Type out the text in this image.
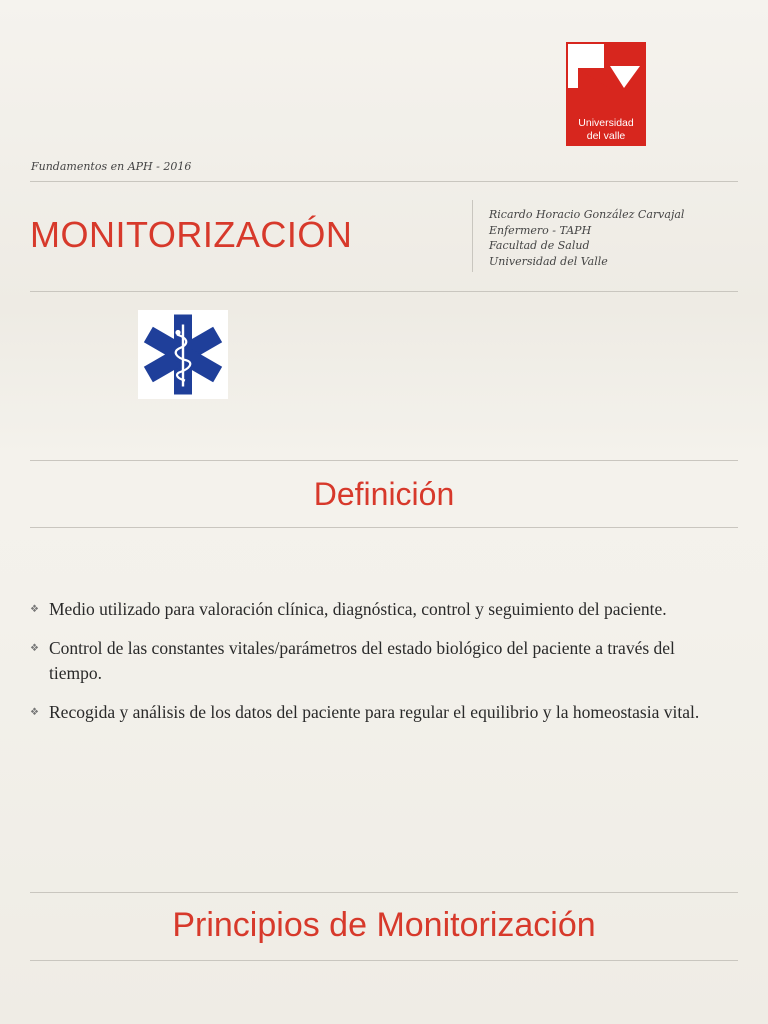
Universidad
del valle
Fundamentos en APH - 2016
MONITORIZACIÓN	Ricardo Horacio González Carvajal
Enfermero - TAPH
Facultad de Salud
Universidad del Valle
Definición
❖ Medio utilizado para valoración clínica, diagnóstica, control y seguimiento del paciente.
❖ Control de las constantes vitales/parámetros del estado biológico del paciente a través del tiempo.
❖ Recogida y análisis de los datos del paciente para regular el equilibrio y la homeostasia vital.
Principios de Monitorización
